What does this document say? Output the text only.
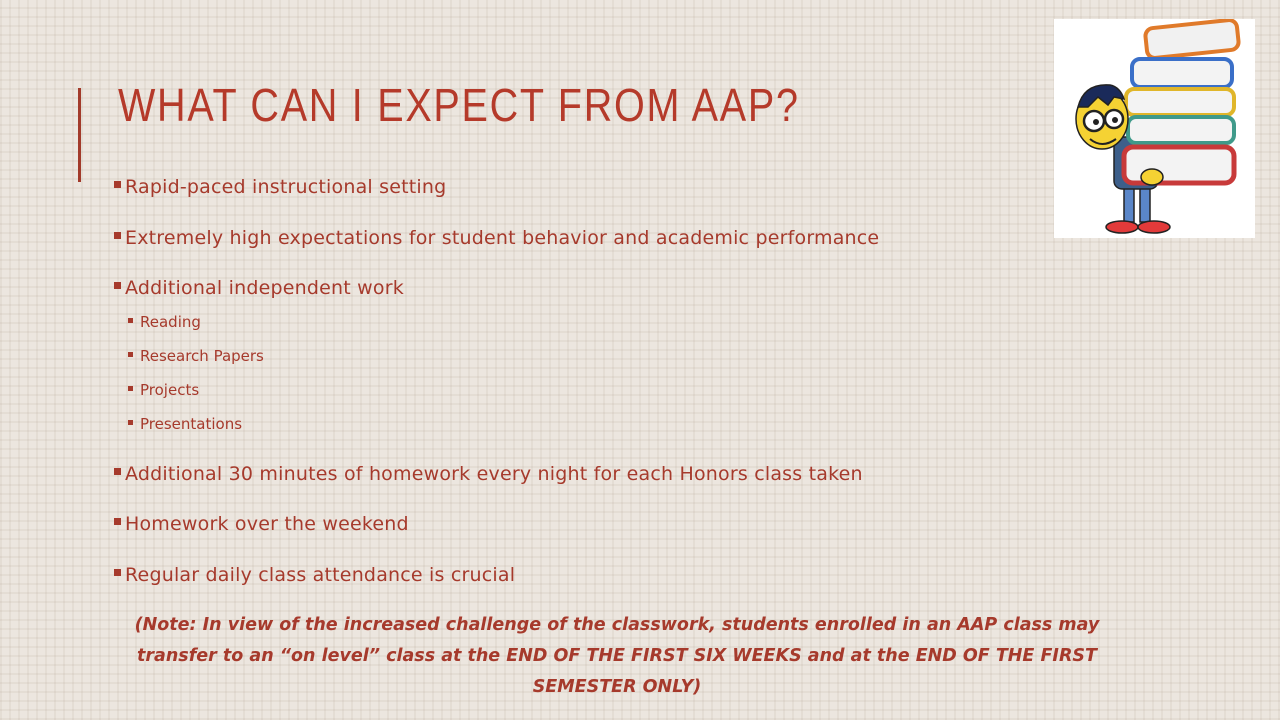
WHAT CAN I EXPECT FROM AAP?
Rapid-paced instructional setting
Extremely high expectations for student behavior and academic performance
Additional independent work
Reading
Research Papers
Projects
Presentations
Additional 30 minutes of homework every night for each Honors class taken
Homework over the weekend
Regular daily class attendance is crucial
(Note: In view of the increased challenge of the classwork, students enrolled in an AAP class may transfer to an “on level” class at the END OF THE FIRST SIX WEEKS and at the END OF THE FIRST SEMESTER ONLY)
